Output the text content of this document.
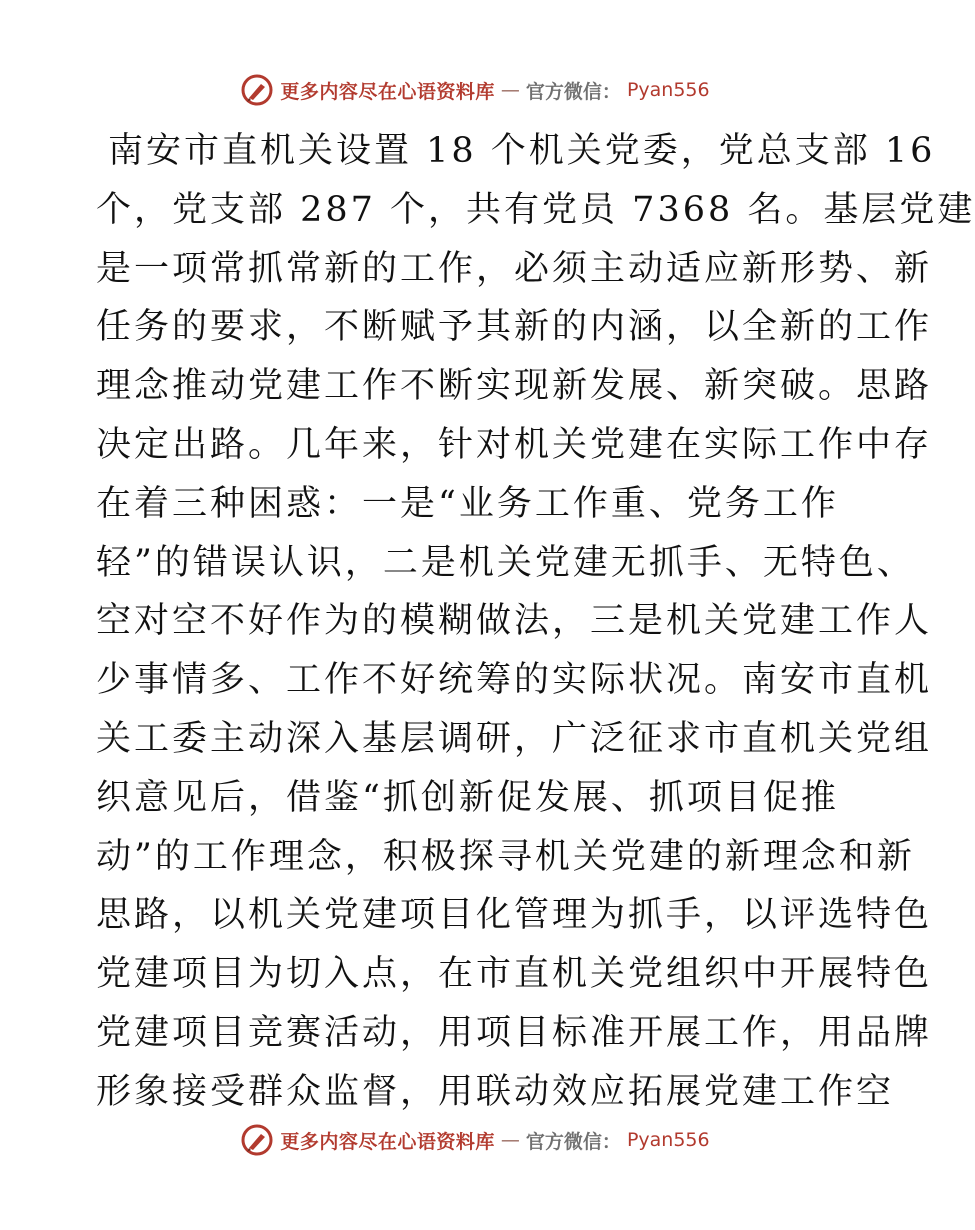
更多内容尽在心语资料库 — 官方微信： Pyan556
南安市直机关设置 18 个机关党委，党总支部 16
个，党支部 287 个，共有党员 7368 名。基层党建
是一项常抓常新的工作，必须主动适应新形势、新
任务的要求，不断赋予其新的内涵，以全新的工作
理念推动党建工作不断实现新发展、新突破。思路
决定出路。几年来，针对机关党建在实际工作中存
在着三种困惑：一是“业务工作重、党务工作
轻”的错误认识，二是机关党建无抓手、无特色、
空对空不好作为的模糊做法，三是机关党建工作人
少事情多、工作不好统筹的实际状况。南安市直机
关工委主动深入基层调研，广泛征求市直机关党组
织意见后，借鉴“抓创新促发展、抓项目促推
动”的工作理念，积极探寻机关党建的新理念和新
思路，以机关党建项目化管理为抓手，以评选特色
党建项目为切入点，在市直机关党组织中开展特色
党建项目竞赛活动，用项目标准开展工作，用品牌
形象接受群众监督，用联动效应拓展党建工作空
更多内容尽在心语资料库 — 官方微信： Pyan556
